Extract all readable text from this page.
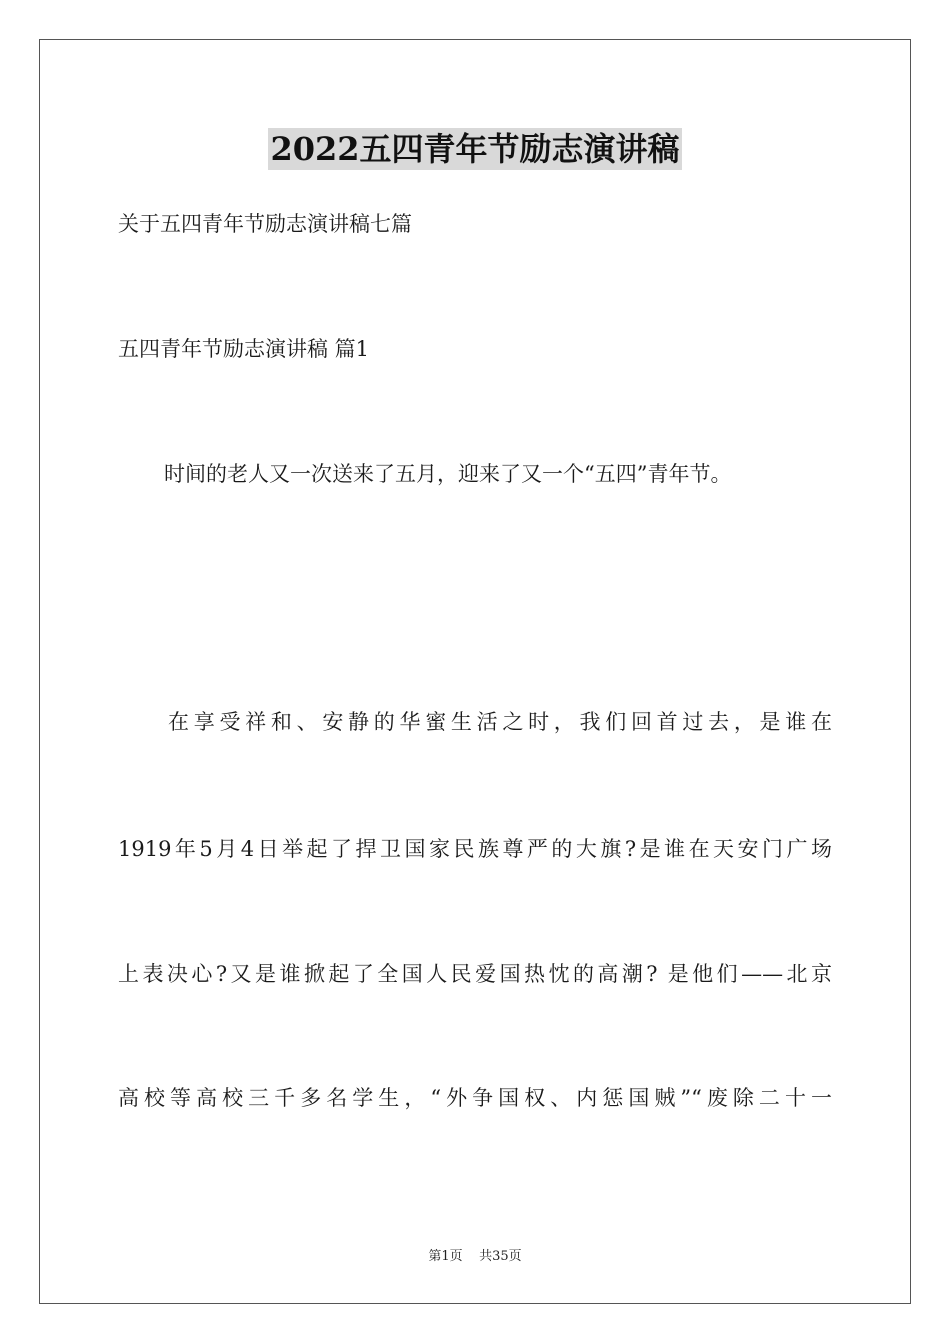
2022五四青年节励志演讲稿
关于五四青年节励志演讲稿七篇
五四青年节励志演讲稿 篇1
时间的老人又一次送来了五月，迎来了又一个“五四”青年节。
在享受祥和、安静的华蜜生活之时，我们回首过去，是谁在
1919年5月4日举起了捍卫国家民族尊严的大旗?是谁在天安门广场
上表决心?又是谁掀起了全国人民爱国热忱的高潮? 是他们——北京
高校等高校三千多名学生，“外争国权、内惩国贼”“废除二十一
第1页 共35页
